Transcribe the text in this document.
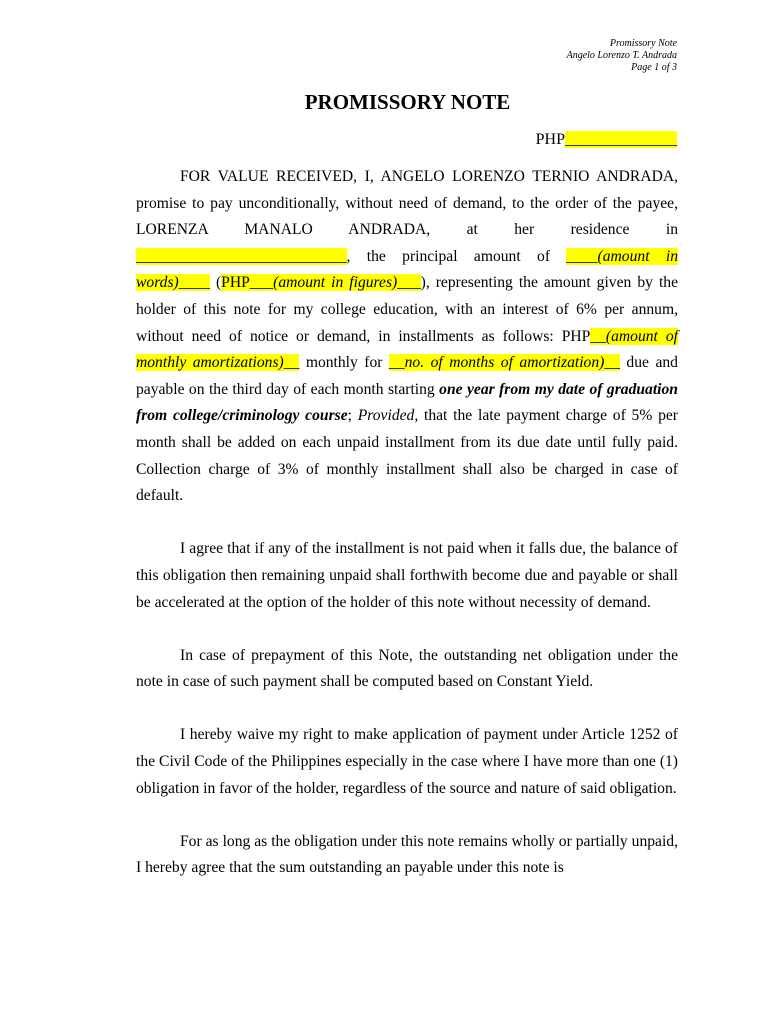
Promissory Note
Angelo Lorenzo T. Andrada
Page 1 of 3
PROMISSORY NOTE
PHP______________

FOR VALUE RECEIVED, I, ANGELO LORENZO TERNIO ANDRADA, promise to pay unconditionally, without need of demand, to the order of the payee, LORENZA MANALO ANDRADA, at her residence in ___________________________, the principal amount of ____(amount in words)____ (PHP___(amount in figures)___), representing the amount given by the holder of this note for my college education, with an interest of 6% per annum, without need of notice or demand, in installments as follows: PHP__(amount of monthly amortizations)__ monthly for __no. of months of amortization)__ due and payable on the third day of each month starting one year from my date of graduation from college/criminology course; Provided, that the late payment charge of 5% per month shall be added on each unpaid installment from its due date until fully paid. Collection charge of 3% of monthly installment shall also be charged in case of default.

I agree that if any of the installment is not paid when it falls due, the balance of this obligation then remaining unpaid shall forthwith become due and payable or shall be accelerated at the option of the holder of this note without necessity of demand.

In case of prepayment of this Note, the outstanding net obligation under the note in case of such payment shall be computed based on Constant Yield.

I hereby waive my right to make application of payment under Article 1252 of the Civil Code of the Philippines especially in the case where I have more than one (1) obligation in favor of the holder, regardless of the source and nature of said obligation.

For as long as the obligation under this note remains wholly or partially unpaid, I hereby agree that the sum outstanding an payable under this note is
